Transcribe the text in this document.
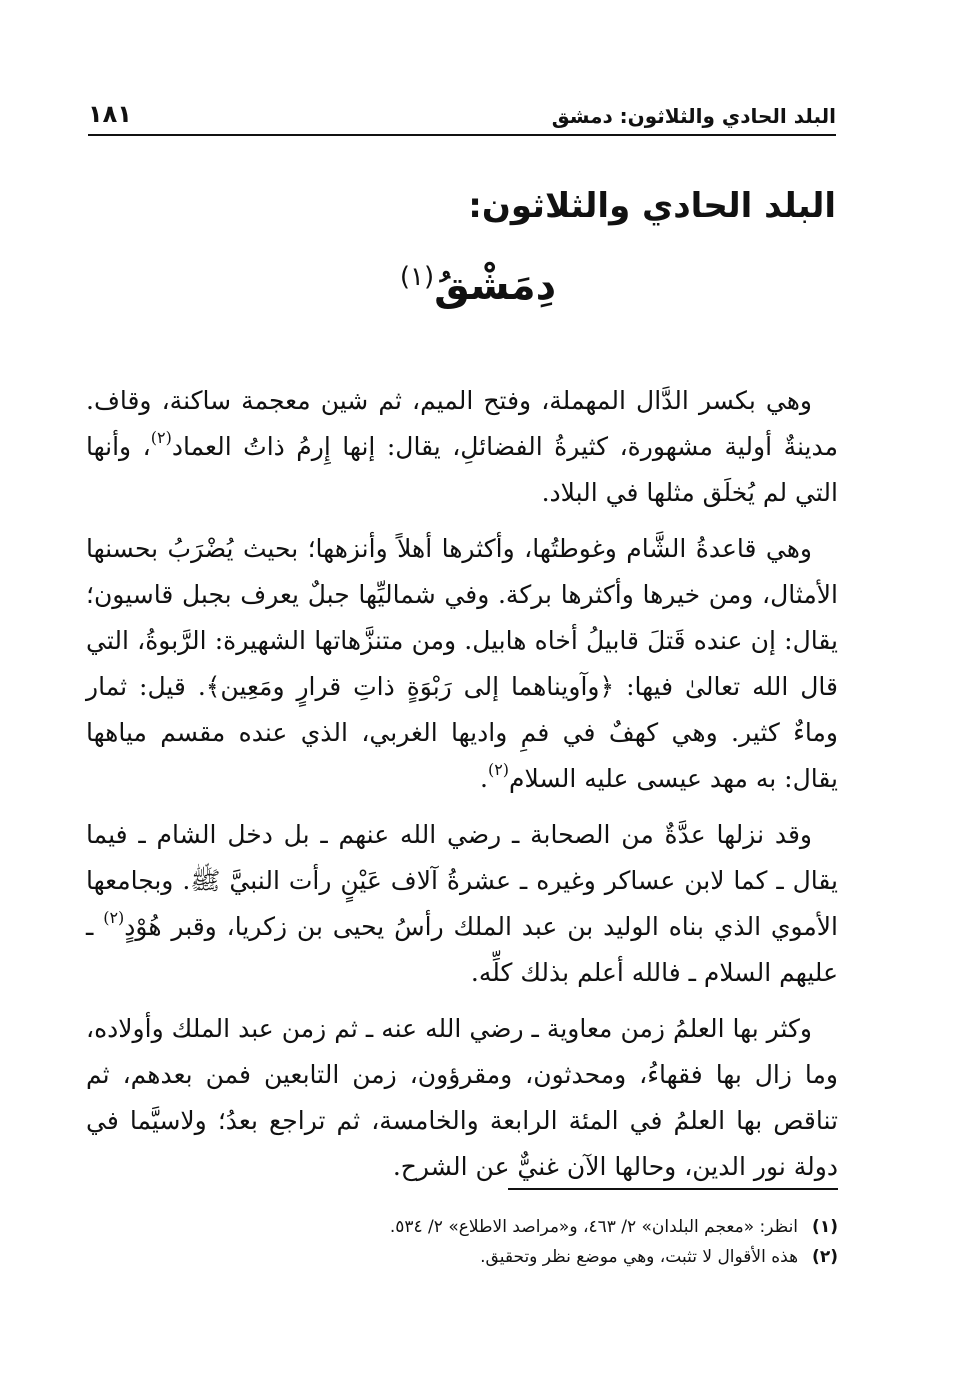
البلد الحادي والثلاثون: دمشق
١٨١
البلد الحادي والثلاثون:
دِمَشْقُ$^{(١)}$

وهي بكسر الدَّال المهملة، وفتح الميم، ثم شين معجمة ساكنة، وقاف. مدينةٌ أولية مشهورة، كثيرةُ الفضائلِ، يقال: إنها إِرمُ ذاتُ العماد$^{(٢)}$، وأنها التي لم يُخلَق مثلها في البلاد.

وهي قاعدةُ الشَّام وغوطتُها، وأكثرها أهلاً وأنزهها؛ بحيث يُضْرَبُ بحسنها الأمثال، ومن خيرها وأكثرها بركة. وفي شماليِّها جبلٌ يعرف بجبل قاسيون؛ يقال: إن عنده قَتلَ قابيلُ أخاه هابيل. ومن متنزَّهاتها الشهيرة: الرَّبوةُ، التي قال الله تعالىٰ فيها: ﴿وآويناهما إلى رَبْوَةٍ ذاتِ قرارٍ ومَعِين﴾. قيل: ثمار وماءٌ كثير. وهي كهفٌ في فمِ واديها الغربي، الذي عنده مقسم مياهها يقال: به مهد عيسى عليه السلام$^{(٢)}$.

وقد نزلها عدَّةٌ من الصحابة ـ رضي الله عنهم ـ بل دخل الشام ـ فيما يقال ـ كما لابن عساكر وغيره ـ عشرةُ آلاف عَيْنٍ رأت النبيَّ ﷺ. وبجامعها الأموي الذي بناه الوليد بن عبد الملك رأسُ يحيى بن زكريا، وقبر هُوْدٍ$^{(٢)}$ ـ عليهم السلام ـ فالله أعلم بذلك كلِّه.

وكثر بها العلمُ زمن معاوية ـ رضي الله عنه ـ ثم زمن عبد الملك وأولاده، وما زال بها فقهاءُ، ومحدثون، ومقرؤون، زمن التابعين فمن بعدهم، ثم تناقص بها العلمُ في المئة الرابعة والخامسة، ثم تراجع بعدُ؛ ولاسيَّما في دولة نور الدين، وحالها الآن غنيٌّ عن الشرح.

(١)
انظر: «معجم البلدان» ٢/ ٤٦٣، و«مراصد الاطلاع» ٢/ ٥٣٤.
(٢)
هذه الأقوال لا تثبت، وهي موضع نظر وتحقيق.
